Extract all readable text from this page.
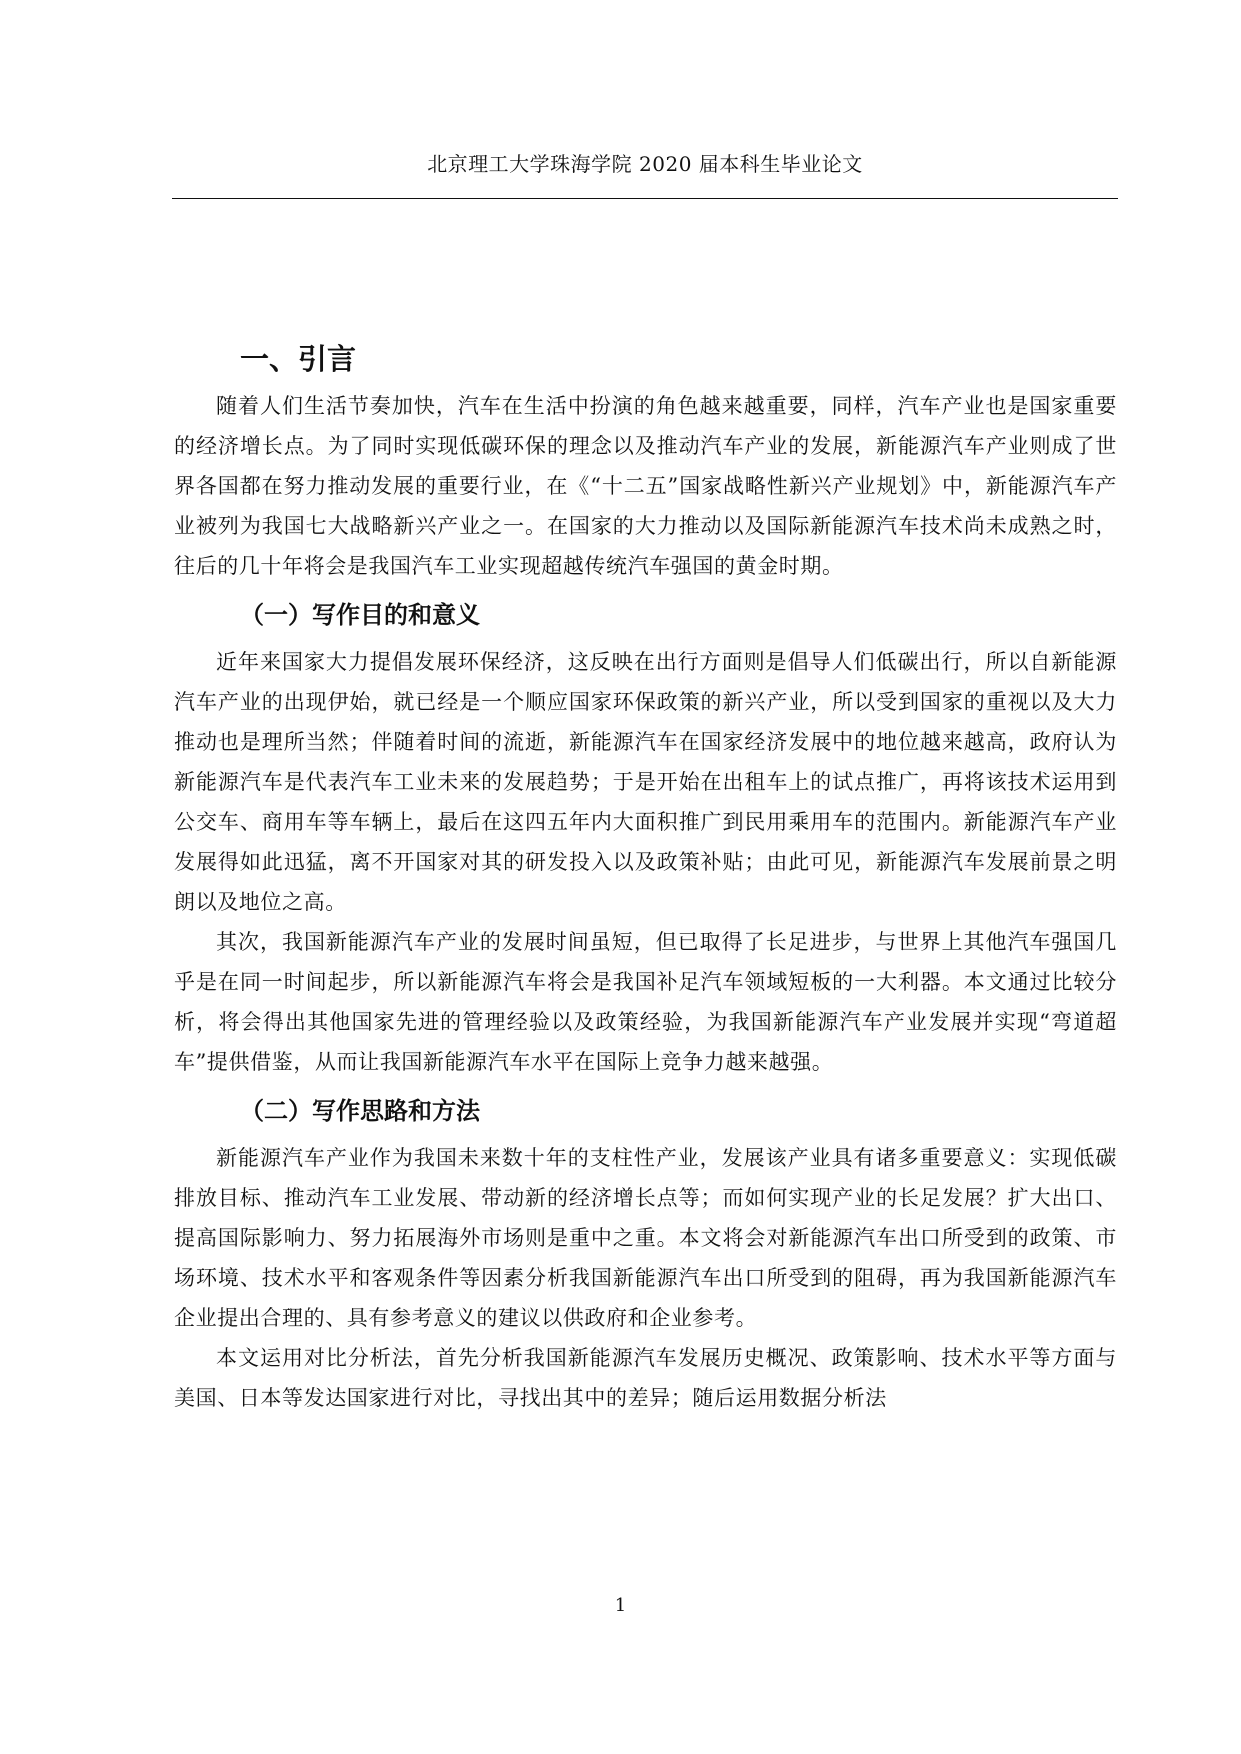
北京理工大学珠海学院 2020 届本科生毕业论文
一、引言

随着人们生活节奏加快，汽车在生活中扮演的角色越来越重要，同样，汽车产业也是国家重要的经济增长点。为了同时实现低碳环保的理念以及推动汽车产业的发展，新能源汽车产业则成了世界各国都在努力推动发展的重要行业，在《“十二五”国家战略性新兴产业规划》中，新能源汽车产业被列为我国七大战略新兴产业之一。在国家的大力推动以及国际新能源汽车技术尚未成熟之时，往后的几十年将会是我国汽车工业实现超越传统汽车强国的黄金时期。

（一）写作目的和意义

近年来国家大力提倡发展环保经济，这反映在出行方面则是倡导人们低碳出行，所以自新能源汽车产业的出现伊始，就已经是一个顺应国家环保政策的新兴产业，所以受到国家的重视以及大力推动也是理所当然；伴随着时间的流逝，新能源汽车在国家经济发展中的地位越来越高，政府认为新能源汽车是代表汽车工业未来的发展趋势；于是开始在出租车上的试点推广，再将该技术运用到公交车、商用车等车辆上，最后在这四五年内大面积推广到民用乘用车的范围内。新能源汽车产业发展得如此迅猛，离不开国家对其的研发投入以及政策补贴；由此可见，新能源汽车发展前景之明朗以及地位之高。

其次，我国新能源汽车产业的发展时间虽短，但已取得了长足进步，与世界上其他汽车强国几乎是在同一时间起步，所以新能源汽车将会是我国补足汽车领域短板的一大利器。本文通过比较分析，将会得出其他国家先进的管理经验以及政策经验，为我国新能源汽车产业发展并实现“弯道超车”提供借鉴，从而让我国新能源汽车水平在国际上竞争力越来越强。

（二）写作思路和方法

新能源汽车产业作为我国未来数十年的支柱性产业，发展该产业具有诸多重要意义：实现低碳排放目标、推动汽车工业发展、带动新的经济增长点等；而如何实现产业的长足发展？扩大出口、提高国际影响力、努力拓展海外市场则是重中之重。本文将会对新能源汽车出口所受到的政策、市场环境、技术水平和客观条件等因素分析我国新能源汽车出口所受到的阻碍，再为我国新能源汽车企业提出合理的、具有参考意义的建议以供政府和企业参考。

本文运用对比分析法，首先分析我国新能源汽车发展历史概况、政策影响、技术水平等方面与美国、日本等发达国家进行对比，寻找出其中的差异；随后运用数据分析法

1
